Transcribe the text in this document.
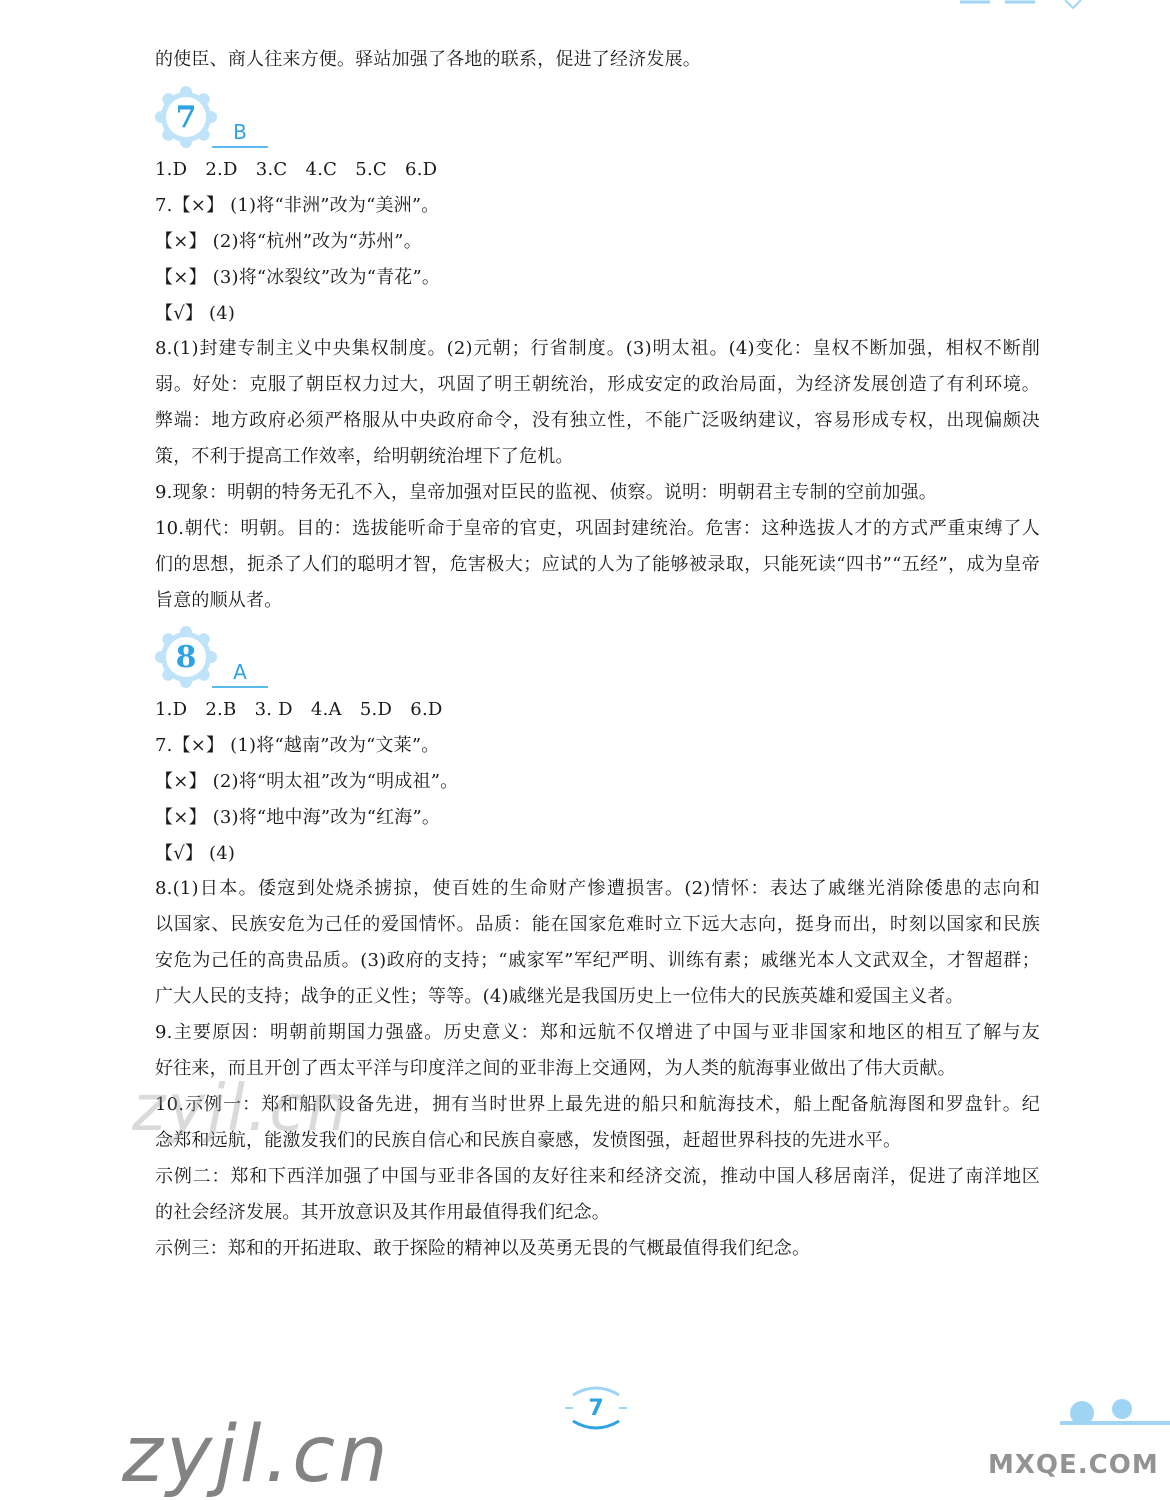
的使臣、商人往来方便。驿站加强了各地的联系，促进了经济发展。
7	B
1.D　2.D　3.C　4.C　5.C　6.D
7.【×】 (1)将“非洲”改为“美洲”。
【×】 (2)将“杭州”改为“苏州”。
【×】 (3)将“冰裂纹”改为“青花”。
【√】 (4)
8.(1)封建专制主义中央集权制度。(2)元朝；行省制度。(3)明太祖。(4)变化：皇权不断加强，相权不断削
弱。好处：克服了朝臣权力过大，巩固了明王朝统治，形成安定的政治局面，为经济发展创造了有利环境。
弊端：地方政府必须严格服从中央政府命令，没有独立性，不能广泛吸纳建议，容易形成专权，出现偏颇决
策，不利于提高工作效率，给明朝统治埋下了危机。
9.现象：明朝的特务无孔不入，皇帝加强对臣民的监视、侦察。说明：明朝君主专制的空前加强。
10.朝代：明朝。目的：选拔能听命于皇帝的官吏，巩固封建统治。危害：这种选拔人才的方式严重束缚了人
们的思想，扼杀了人们的聪明才智，危害极大；应试的人为了能够被录取，只能死读“四书”“五经”，成为皇帝
旨意的顺从者。
8	A
1.D　2.B　3. D　4.A　5.D　6.D
7.【×】 (1)将“越南”改为“文莱”。
【×】 (2)将“明太祖”改为“明成祖”。
【×】 (3)将“地中海”改为“红海”。
【√】 (4)
8.(1)日本。倭寇到处烧杀掳掠，使百姓的生命财产惨遭损害。(2)情怀：表达了戚继光消除倭患的志向和
以国家、民族安危为己任的爱国情怀。品质：能在国家危难时立下远大志向，挺身而出，时刻以国家和民族
安危为己任的高贵品质。(3)政府的支持；“戚家军”军纪严明、训练有素；戚继光本人文武双全，才智超群；
广大人民的支持；战争的正义性；等等。(4)戚继光是我国历史上一位伟大的民族英雄和爱国主义者。
9.主要原因：明朝前期国力强盛。历史意义：郑和远航不仅增进了中国与亚非国家和地区的相互了解与友
好往来，而且开创了西太平洋与印度洋之间的亚非海上交通网，为人类的航海事业做出了伟大贡献。
10.示例一：郑和船队设备先进，拥有当时世界上最先进的船只和航海技术，船上配备航海图和罗盘针。纪
念郑和远航，能激发我们的民族自信心和民族自豪感，发愤图强，赶超世界科技的先进水平。
示例二：郑和下西洋加强了中国与亚非各国的友好往来和经济交流，推动中国人移居南洋，促进了南洋地区
的社会经济发展。其开放意识及其作用最值得我们纪念。
示例三：郑和的开拓进取、敢于探险的精神以及英勇无畏的气概最值得我们纪念。
zyjl.cn
zyjl.cn
7
MXQE.COM
